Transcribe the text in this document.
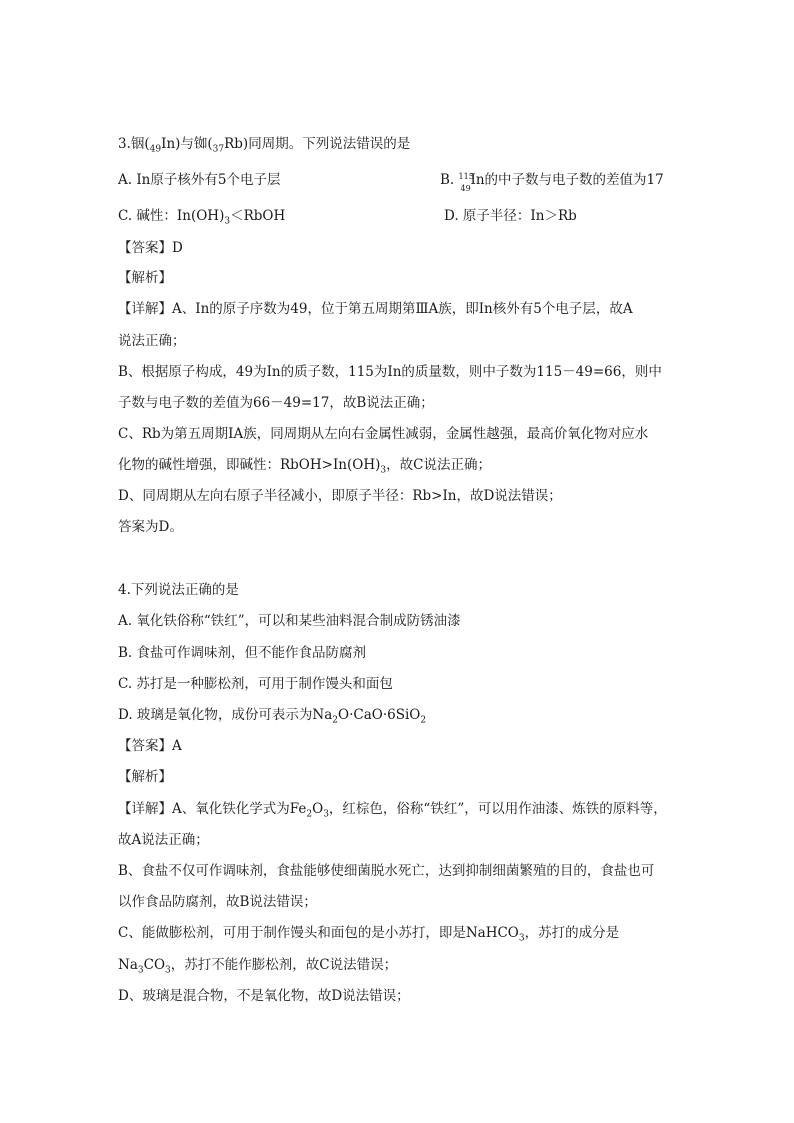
3.铟$(_{49}In)$与铷$(_{37}Rb)$同周期。下列说法错误的是
A. In原子核外有5个电子层	B. 115
49
In的中子数与电子数的差值为17
C. 碱性：$In(OH)_3<RbOH$	D. 原子半径：In＞Rb
【答案】D
【解析】
【详解】A、In的原子序数为49，位于第五周期第ⅢA族，即In核外有5个电子层，故A
说法正确；
B、根据原子构成，49为In的质子数，115为In的质量数，则中子数为115－49=66，则中
子数与电子数的差值为66－49=17，故B说法正确；
C、Rb为第五周期IA族，同周期从左向右金属性减弱，金属性越强，最高价氧化物对应水
化物的碱性增强，即碱性：$RbOH>In(OH)_3$，故C说法正确；
D、同周期从左向右原子半径减小，即原子半径：Rb>In，故D说法错误；
答案为D。
4.下列说法正确的是
A. 氧化铁俗称“铁红”，可以和某些油料混合制成防锈油漆
B. 食盐可作调味剂，但不能作食品防腐剂
C. 苏打是一种膨松剂，可用于制作馒头和面包
D. 玻璃是氧化物，成份可表示为$Na_2O\cdot CaO\cdot 6SiO_2$
【答案】A
【解析】
【详解】A、氧化铁化学式为$Fe_2O_3$，红棕色，俗称“铁红”，可以用作油漆、炼铁的原料等，
故A说法正确；
B、食盐不仅可作调味剂，食盐能够使细菌脱水死亡，达到抑制细菌繁殖的目的，食盐也可
以作食品防腐剂，故B说法错误；
C、能做膨松剂，可用于制作馒头和面包的是小苏打，即是NaHCO$_3$，苏打的成分是
$Na_3CO_3$，苏打不能作膨松剂，故C说法错误；
D、玻璃是混合物，不是氧化物，故D说法错误；
